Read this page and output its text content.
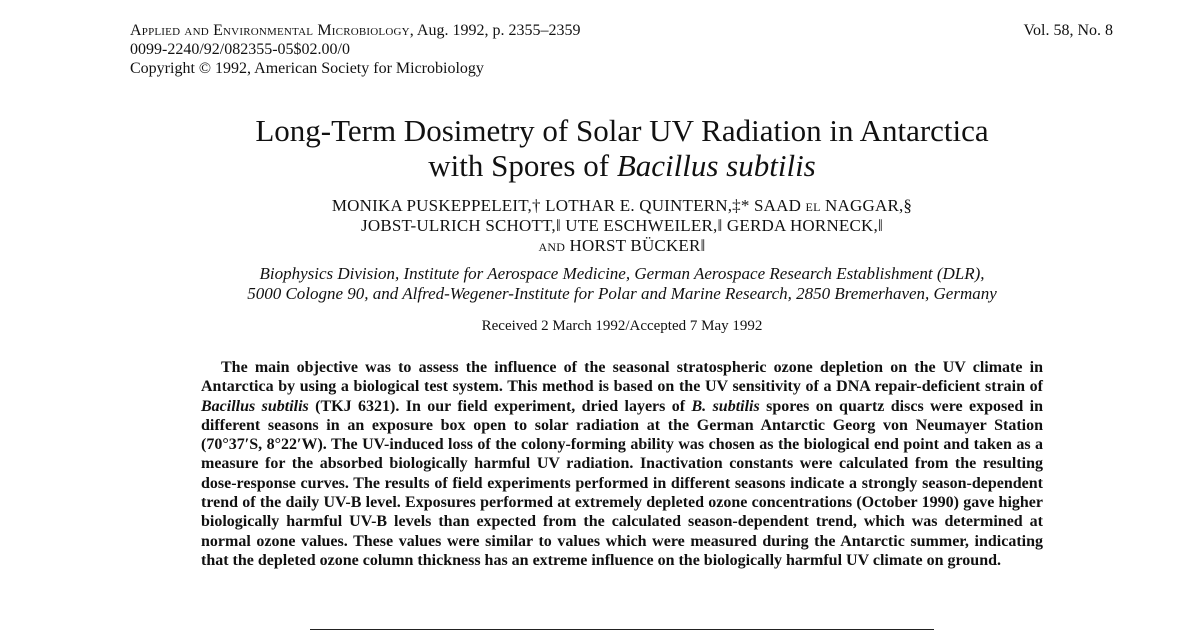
Applied and Environmental Microbiology, Aug. 1992, p. 2355–2359
0099-2240/92/082355-05$02.00/0
Copyright © 1992, American Society for Microbiology
Vol. 58, No. 8
Long-Term Dosimetry of Solar UV Radiation in Antarctica
with Spores of Bacillus subtilis
MONIKA PUSKEPPELEIT,† LOTHAR E. QUINTERN,‡* SAAD el NAGGAR,§
JOBST-ULRICH SCHOTT,‖ UTE ESCHWEILER,‖ GERDA HORNECK,‖
and HORST BÜCKER‖
Biophysics Division, Institute for Aerospace Medicine, German Aerospace Research Establishment (DLR),
5000 Cologne 90, and Alfred-Wegener-Institute for Polar and Marine Research, 2850 Bremerhaven, Germany
Received 2 March 1992/Accepted 7 May 1992

The main objective was to assess the influence of the seasonal stratospheric ozone depletion on the UV climate in Antarctica by using a biological test system. This method is based on the UV sensitivity of a DNA repair-deficient strain of Bacillus subtilis (TKJ 6321). In our field experiment, dried layers of B. subtilis spores on quartz discs were exposed in different seasons in an exposure box open to solar radiation at the German Antarctic Georg von Neumayer Station (70°37′S, 8°22′W). The UV-induced loss of the colony-forming ability was chosen as the biological end point and taken as a measure for the absorbed biologically harmful UV radiation. Inactivation constants were calculated from the resulting dose-response curves. The results of field experiments performed in different seasons indicate a strongly season-dependent trend of the daily UV-B level. Exposures performed at extremely depleted ozone concentrations (October 1990) gave higher biologically harmful UV-B levels than expected from the calculated season-dependent trend, which was determined at normal ozone values. These values were similar to values which were measured during the Antarctic summer, indicating that the depleted ozone column thickness has an extreme influence on the biologically harmful UV climate on ground.
